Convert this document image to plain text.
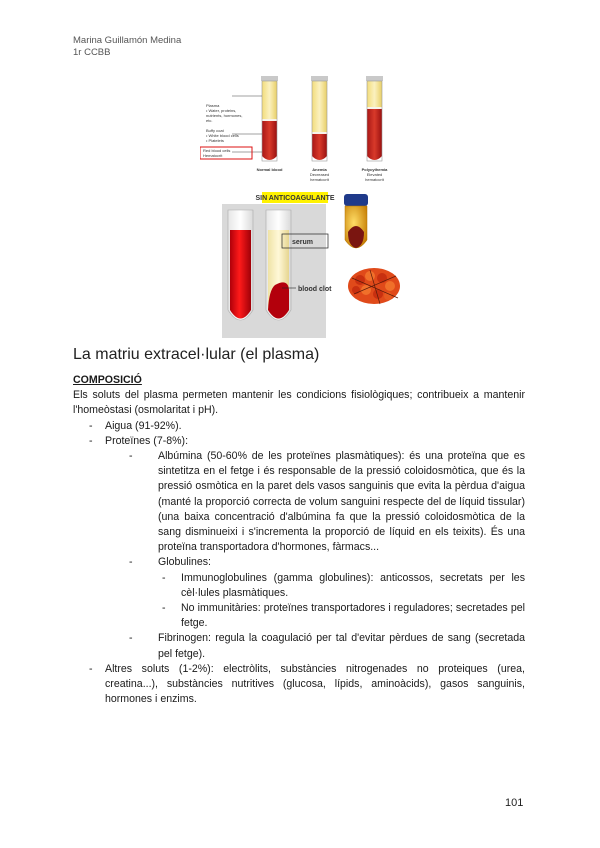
Marina Guillamón Medina
1r CCBB
Plasma
• Water, proteins,
nutrients, hormones,
etc.
Buffy coat
• White blood cells
• Platelets
Red blood cells
Hematocrit
Normal blood	Anemia
Decreased
hematocrit
Polycythemia
Elevated
hematocrit
SIN ANTICOAGULANTE
serum
blood clot
La matriu extracel·lular (el plasma)

COMPOSICIÓ

Els soluts del plasma permeten mantenir les condicions fisiològiques; contribueix a mantenir l'homeòstasi (osmolaritat i pH).

- Aigua (91-92%).
- Proteïnes (7-8%):
- Albúmina (50-60% de les proteïnes plasmàtiques): és una proteïna que es sintetitza en el fetge i és responsable de la pressió coloidosmòtica, que és la pressió osmòtica en la paret dels vasos sanguinis que evita la pèrdua d'aigua (manté la proporció correcta de volum sanguini respecte del de líquid tissular) (una baixa concentració d'albúmina fa que la pressió coloidosmòtica de la sang disminueixi i s'incrementa la proporció de líquid en els teixits). És una proteïna transportadora d'hormones, fàrmacs...
- Globulines:
- Immunoglobulines (gamma globulines): anticossos, secretats per les cèl·lules plasmàtiques.
- No immunitàries: proteïnes transportadores i reguladores; secretades pel fetge.
- Fibrinogen: regula la coagulació per tal d'evitar pèrdues de sang (secretada pel fetge).
- Altres soluts (1-2%): electròlits, substàncies nitrogenades no proteiques (urea, creatina...), substàncies nutritives (glucosa, lípids, aminoàcids), gasos sanguinis, hormones i enzims.
101
